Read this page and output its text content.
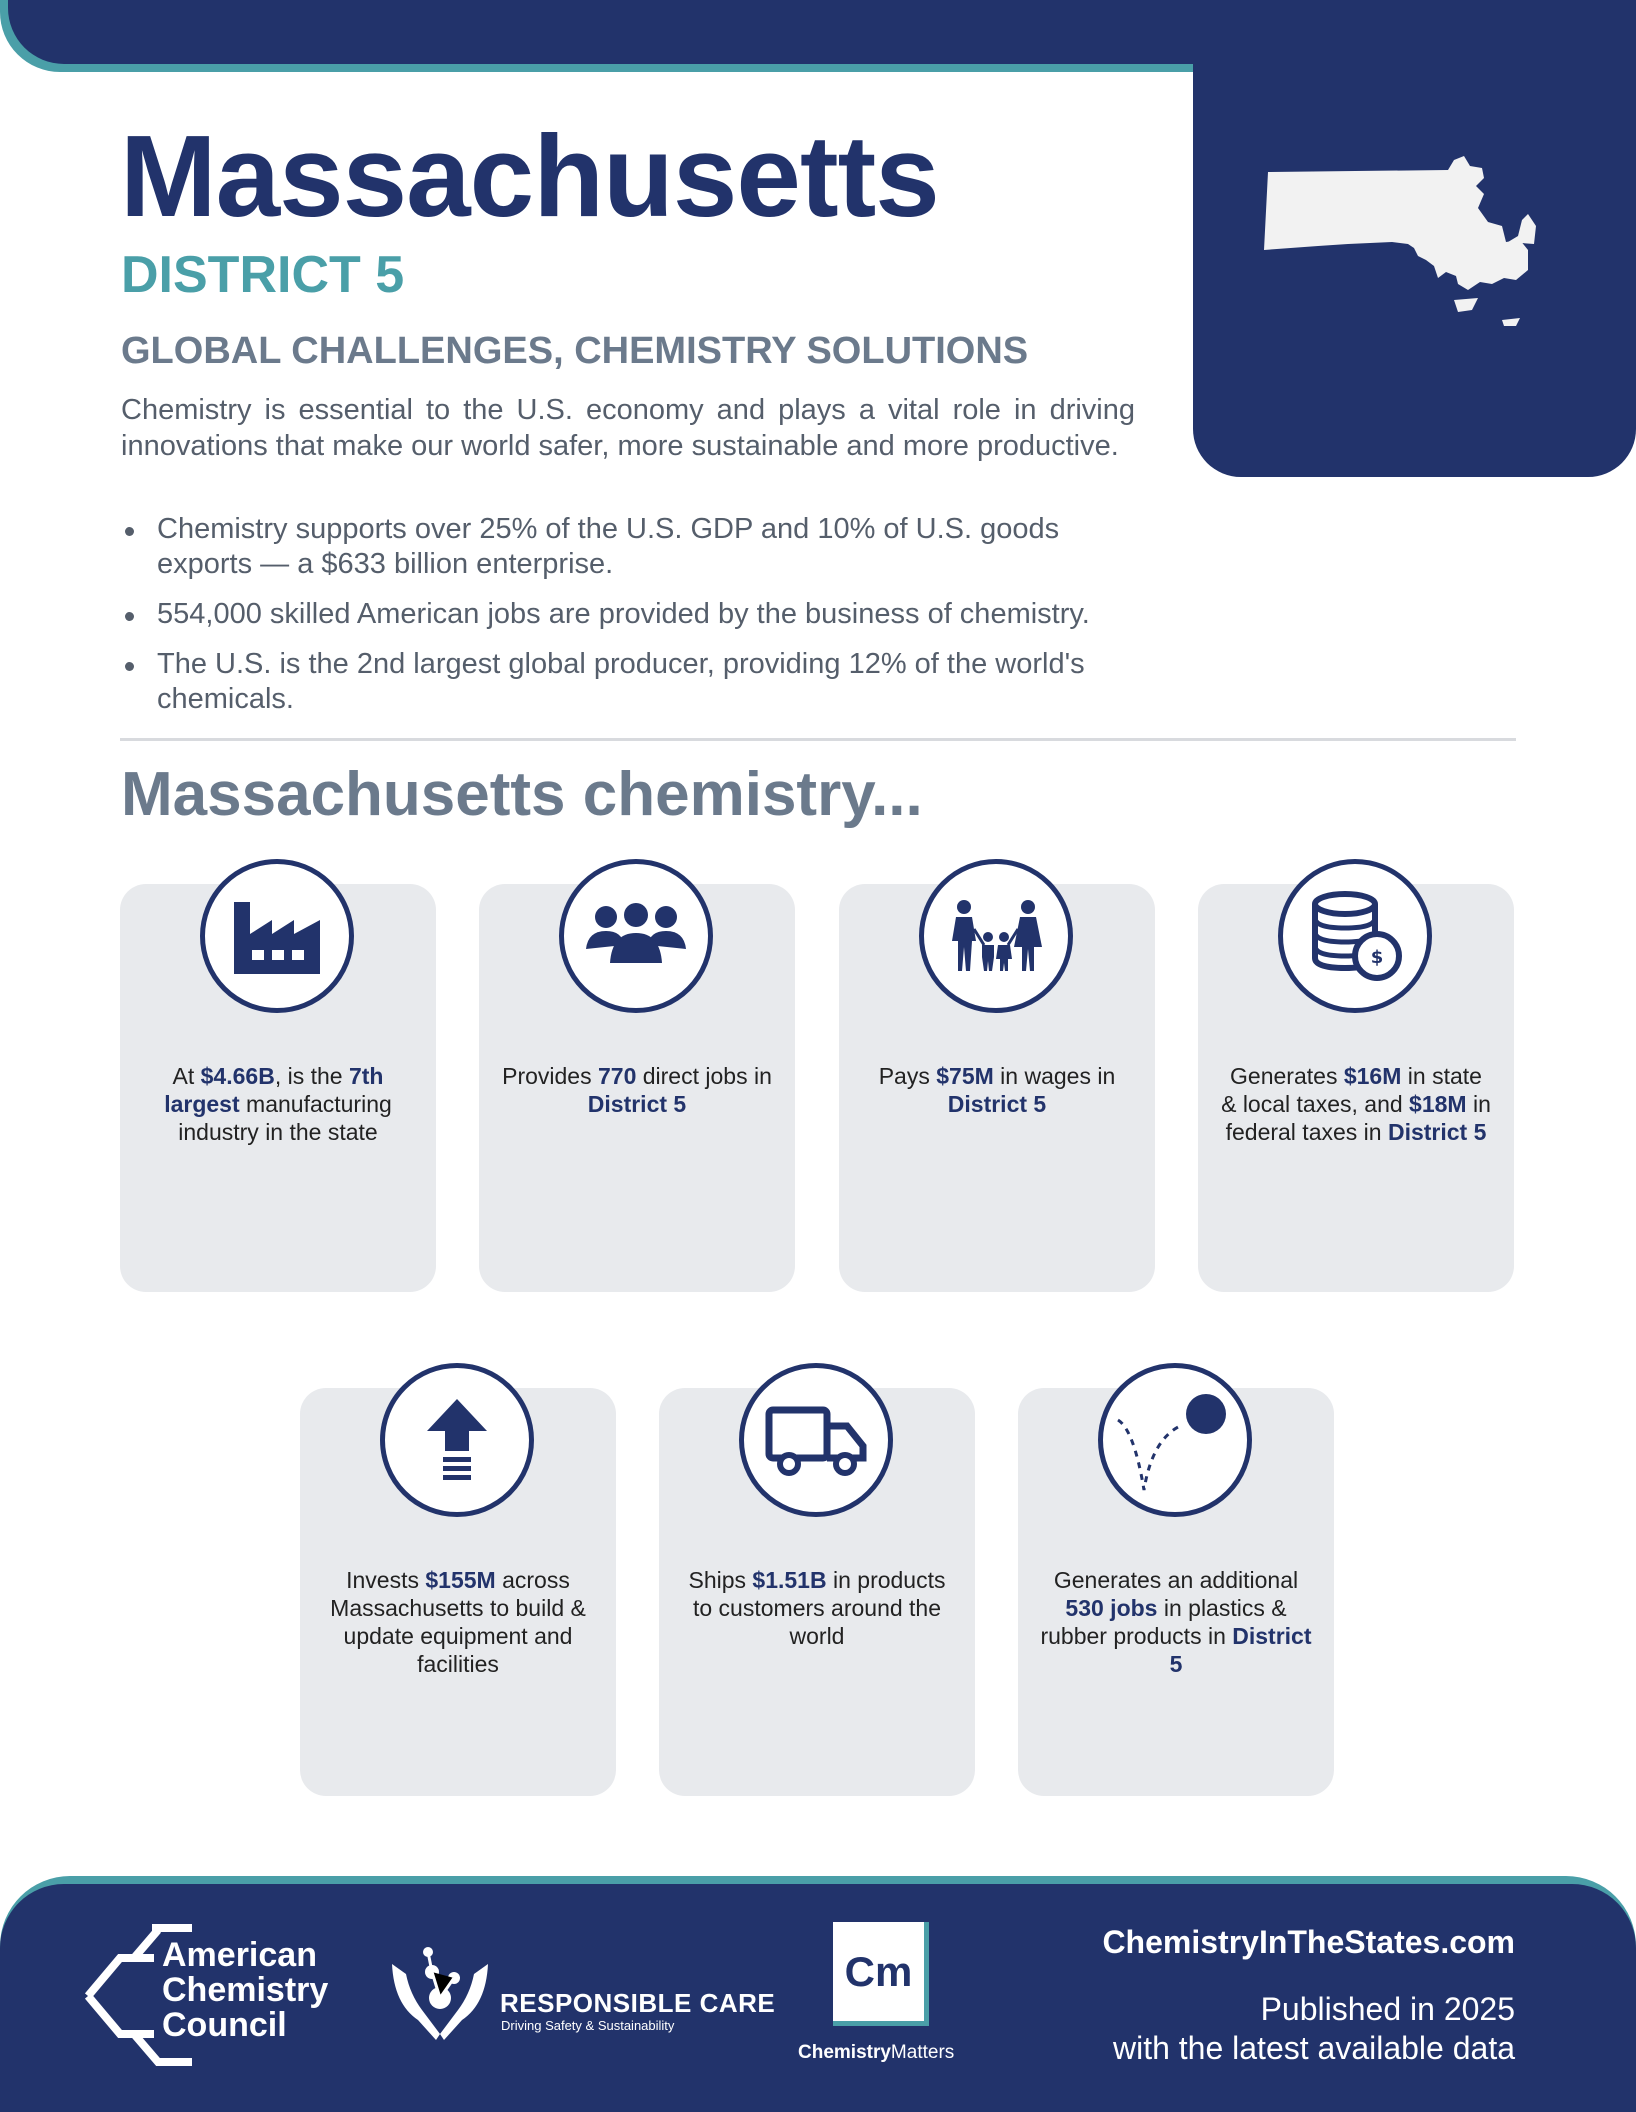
Massachusetts
DISTRICT 5
GLOBAL CHALLENGES, CHEMISTRY SOLUTIONS

Chemistry is essential to the U.S. economy and plays a vital role in driving innovations that make our world safer, more sustainable and more productive.

Chemistry supports over 25% of the U.S. GDP and 10% of U.S. goods exports — a $633 billion enterprise.
554,000 skilled American jobs are provided by the business of chemistry.
The U.S. is the 2nd largest global producer, providing 12% of the world's chemicals.
Massachusetts chemistry...
At $4.66B, is the 7th largest manufacturing industry in the state
Provides 770 direct jobs in District 5
Pays $75M in wages in District 5
$
Generates $16M in state & local taxes, and $18M in federal taxes in District 5
Invests $155M across Massachusetts to build & update equipment and facilities
Ships $1.51B in products to customers around the world
Generates an additional 530 jobs in plastics & rubber products in District 5
American
Chemistry
Council
RESPONSIBLE CARE
Driving Safety & Sustainability
Cm
ChemistryMatters
ChemistryInTheStates.com
Published in 2025
with the latest available data
